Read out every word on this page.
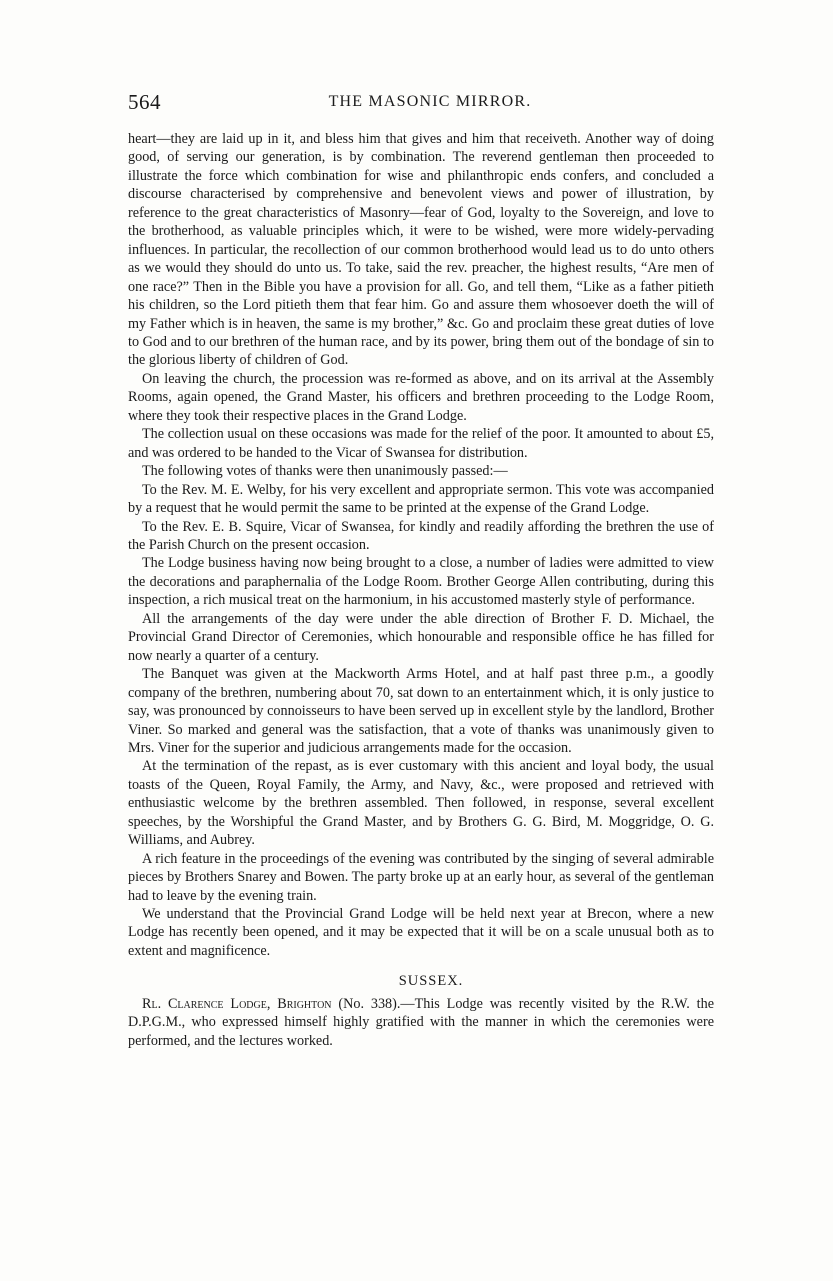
564	THE MASONIC MIRROR.

heart—they are laid up in it, and bless him that gives and him that receiveth. Another way of doing good, of serving our generation, is by combination. The reverend gentleman then proceeded to illustrate the force which combination for wise and philanthropic ends confers, and concluded a discourse characterised by comprehensive and benevolent views and power of illustration, by reference to the great characteristics of Masonry—fear of God, loyalty to the Sovereign, and love to the brotherhood, as valuable principles which, it were to be wished, were more widely-pervading influences. In particular, the recollection of our common brotherhood would lead us to do unto others as we would they should do unto us. To take, said the rev. preacher, the highest results, “Are men of one race?” Then in the Bible you have a provision for all. Go, and tell them, “Like as a father pitieth his children, so the Lord pitieth them that fear him. Go and assure them whosoever doeth the will of my Father which is in heaven, the same is my brother,” &c. Go and proclaim these great duties of love to God and to our brethren of the human race, and by its power, bring them out of the bondage of sin to the glorious liberty of children of God.

On leaving the church, the procession was re-formed as above, and on its arrival at the Assembly Rooms, again opened, the Grand Master, his officers and brethren proceeding to the Lodge Room, where they took their respective places in the Grand Lodge.

The collection usual on these occasions was made for the relief of the poor. It amounted to about £5, and was ordered to be handed to the Vicar of Swansea for distribution.

The following votes of thanks were then unanimously passed:—

To the Rev. M. E. Welby, for his very excellent and appropriate sermon. This vote was accompanied by a request that he would permit the same to be printed at the expense of the Grand Lodge.

To the Rev. E. B. Squire, Vicar of Swansea, for kindly and readily affording the brethren the use of the Parish Church on the present occasion.

The Lodge business having now being brought to a close, a number of ladies were admitted to view the decorations and paraphernalia of the Lodge Room. Brother George Allen contributing, during this inspection, a rich musical treat on the harmonium, in his accustomed masterly style of performance.

All the arrangements of the day were under the able direction of Brother F. D. Michael, the Provincial Grand Director of Ceremonies, which honourable and responsible office he has filled for now nearly a quarter of a century.

The Banquet was given at the Mackworth Arms Hotel, and at half past three p.m., a goodly company of the brethren, numbering about 70, sat down to an entertainment which, it is only justice to say, was pronounced by connoisseurs to have been served up in excellent style by the landlord, Brother Viner. So marked and general was the satisfaction, that a vote of thanks was unanimously given to Mrs. Viner for the superior and judicious arrangements made for the occasion.

At the termination of the repast, as is ever customary with this ancient and loyal body, the usual toasts of the Queen, Royal Family, the Army, and Navy, &c., were proposed and retrieved with enthusiastic welcome by the brethren assembled. Then followed, in response, several excellent speeches, by the Worshipful the Grand Master, and by Brothers G. G. Bird, M. Moggridge, O. G. Williams, and Aubrey.

A rich feature in the proceedings of the evening was contributed by the singing of several admirable pieces by Brothers Snarey and Bowen. The party broke up at an early hour, as several of the gentleman had to leave by the evening train.

We understand that the Provincial Grand Lodge will be held next year at Brecon, where a new Lodge has recently been opened, and it may be expected that it will be on a scale unusual both as to extent and magnificence.

SUSSEX.

Rl. Clarence Lodge, Brighton (No. 338).—This Lodge was recently visited by the R.W. the D.P.G.M., who expressed himself highly gratified with the manner in which the ceremonies were performed, and the lectures worked.
